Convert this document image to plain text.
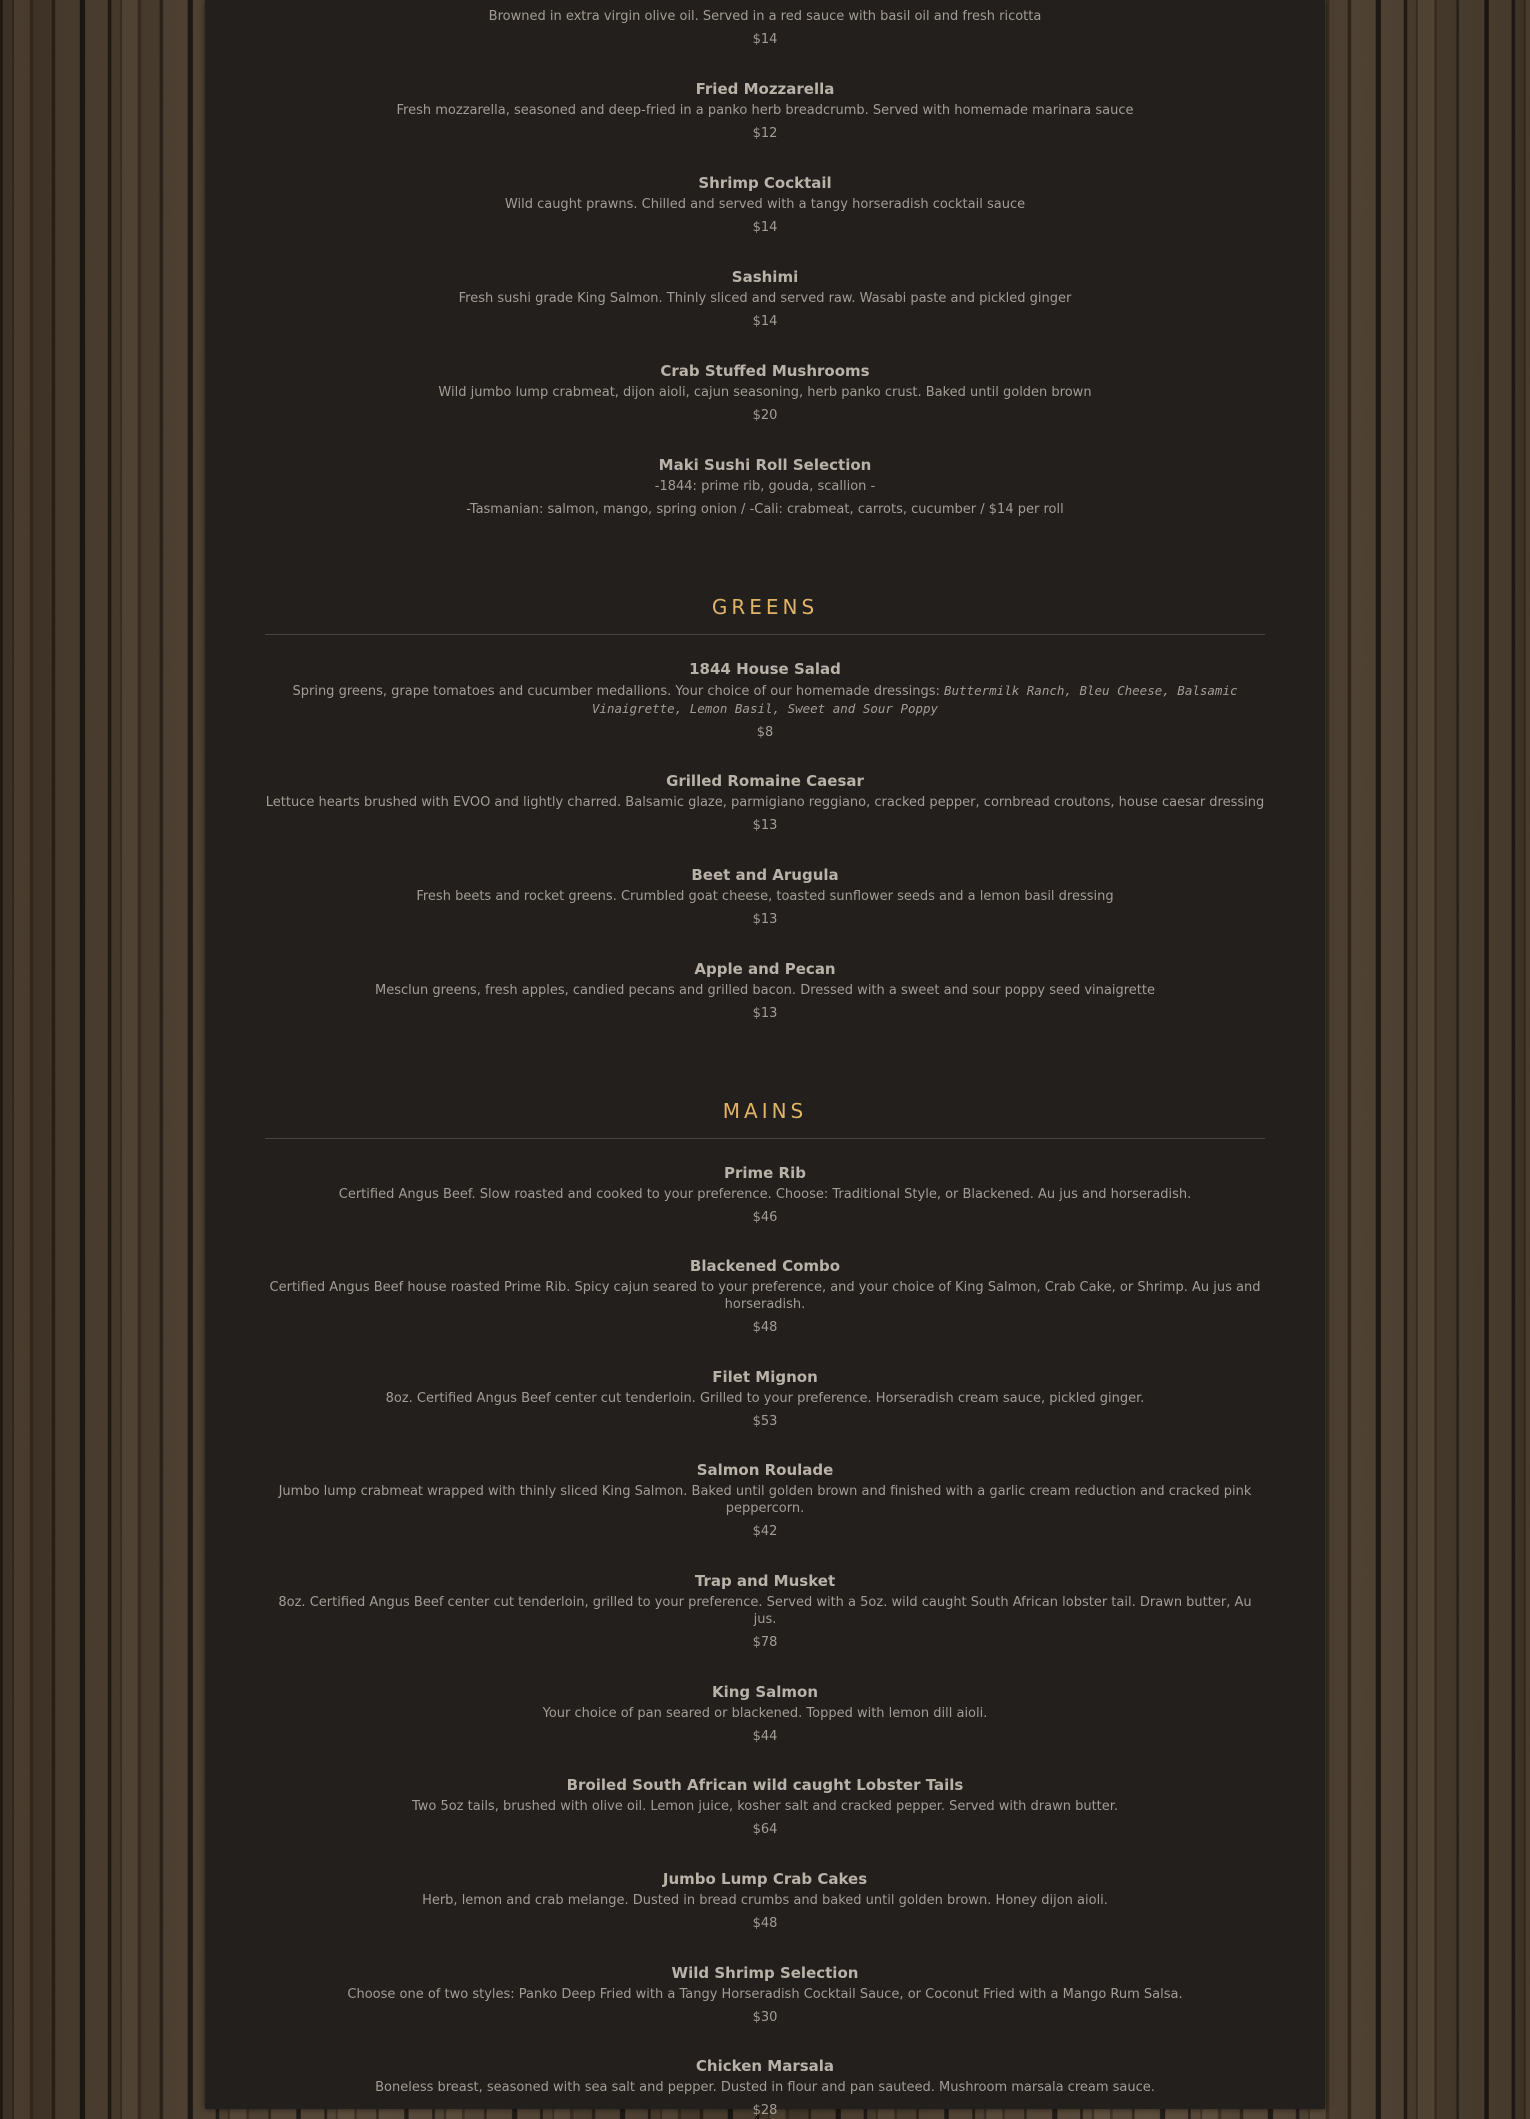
Browned in extra virgin olive oil. Served in a red sauce with basil oil and fresh ricotta
$14
Fried Mozzarella
Fresh mozzarella, seasoned and deep-fried in a panko herb breadcrumb. Served with homemade marinara sauce
$12
Shrimp Cocktail
Wild caught prawns. Chilled and served with a tangy horseradish cocktail sauce
$14
Sashimi
Fresh sushi grade King Salmon. Thinly sliced and served raw. Wasabi paste and pickled ginger
$14
Crab Stuffed Mushrooms
Wild jumbo lump crabmeat, dijon aioli, cajun seasoning, herb panko crust. Baked until golden brown
$20
Maki Sushi Roll Selection
-1844: prime rib, gouda, scallion -
-Tasmanian: salmon, mango, spring onion / -Cali: crabmeat, carrots, cucumber / $14 per roll
GREENS
1844 House Salad
Spring greens, grape tomatoes and cucumber medallions. Your choice of our homemade dressings: Buttermilk Ranch, Bleu Cheese, Balsamic Vinaigrette, Lemon Basil, Sweet and Sour Poppy
$8
Grilled Romaine Caesar
Lettuce hearts brushed with EVOO and lightly charred. Balsamic glaze, parmigiano reggiano, cracked pepper, cornbread croutons, house caesar dressing
$13
Beet and Arugula
Fresh beets and rocket greens. Crumbled goat cheese, toasted sunflower seeds and a lemon basil dressing
$13
Apple and Pecan
Mesclun greens, fresh apples, candied pecans and grilled bacon. Dressed with a sweet and sour poppy seed vinaigrette
$13
MAINS
Prime Rib
Certified Angus Beef. Slow roasted and cooked to your preference. Choose: Traditional Style, or Blackened. Au jus and horseradish.
$46
Blackened Combo
Certified Angus Beef house roasted Prime Rib. Spicy cajun seared to your preference, and your choice of King Salmon, Crab Cake, or Shrimp. Au jus and horseradish.
$48
Filet Mignon
8oz. Certified Angus Beef center cut tenderloin. Grilled to your preference. Horseradish cream sauce, pickled ginger.
$53
Salmon Roulade
Jumbo lump crabmeat wrapped with thinly sliced King Salmon. Baked until golden brown and finished with a garlic cream reduction and cracked pink peppercorn.
$42
Trap and Musket
8oz. Certified Angus Beef center cut tenderloin, grilled to your preference. Served with a 5oz. wild caught South African lobster tail. Drawn butter, Au jus.
$78
King Salmon
Your choice of pan seared or blackened. Topped with lemon dill aioli.
$44
Broiled South African wild caught Lobster Tails
Two 5oz tails, brushed with olive oil. Lemon juice, kosher salt and cracked pepper. Served with drawn butter.
$64
Jumbo Lump Crab Cakes
Herb, lemon and crab melange. Dusted in bread crumbs and baked until golden brown. Honey dijon aioli.
$48
Wild Shrimp Selection
Choose one of two styles: Panko Deep Fried with a Tangy Horseradish Cocktail Sauce, or Coconut Fried with a Mango Rum Salsa.
$30
Chicken Marsala
Boneless breast, seasoned with sea salt and pepper. Dusted in flour and pan sauteed. Mushroom marsala cream sauce.
$28
